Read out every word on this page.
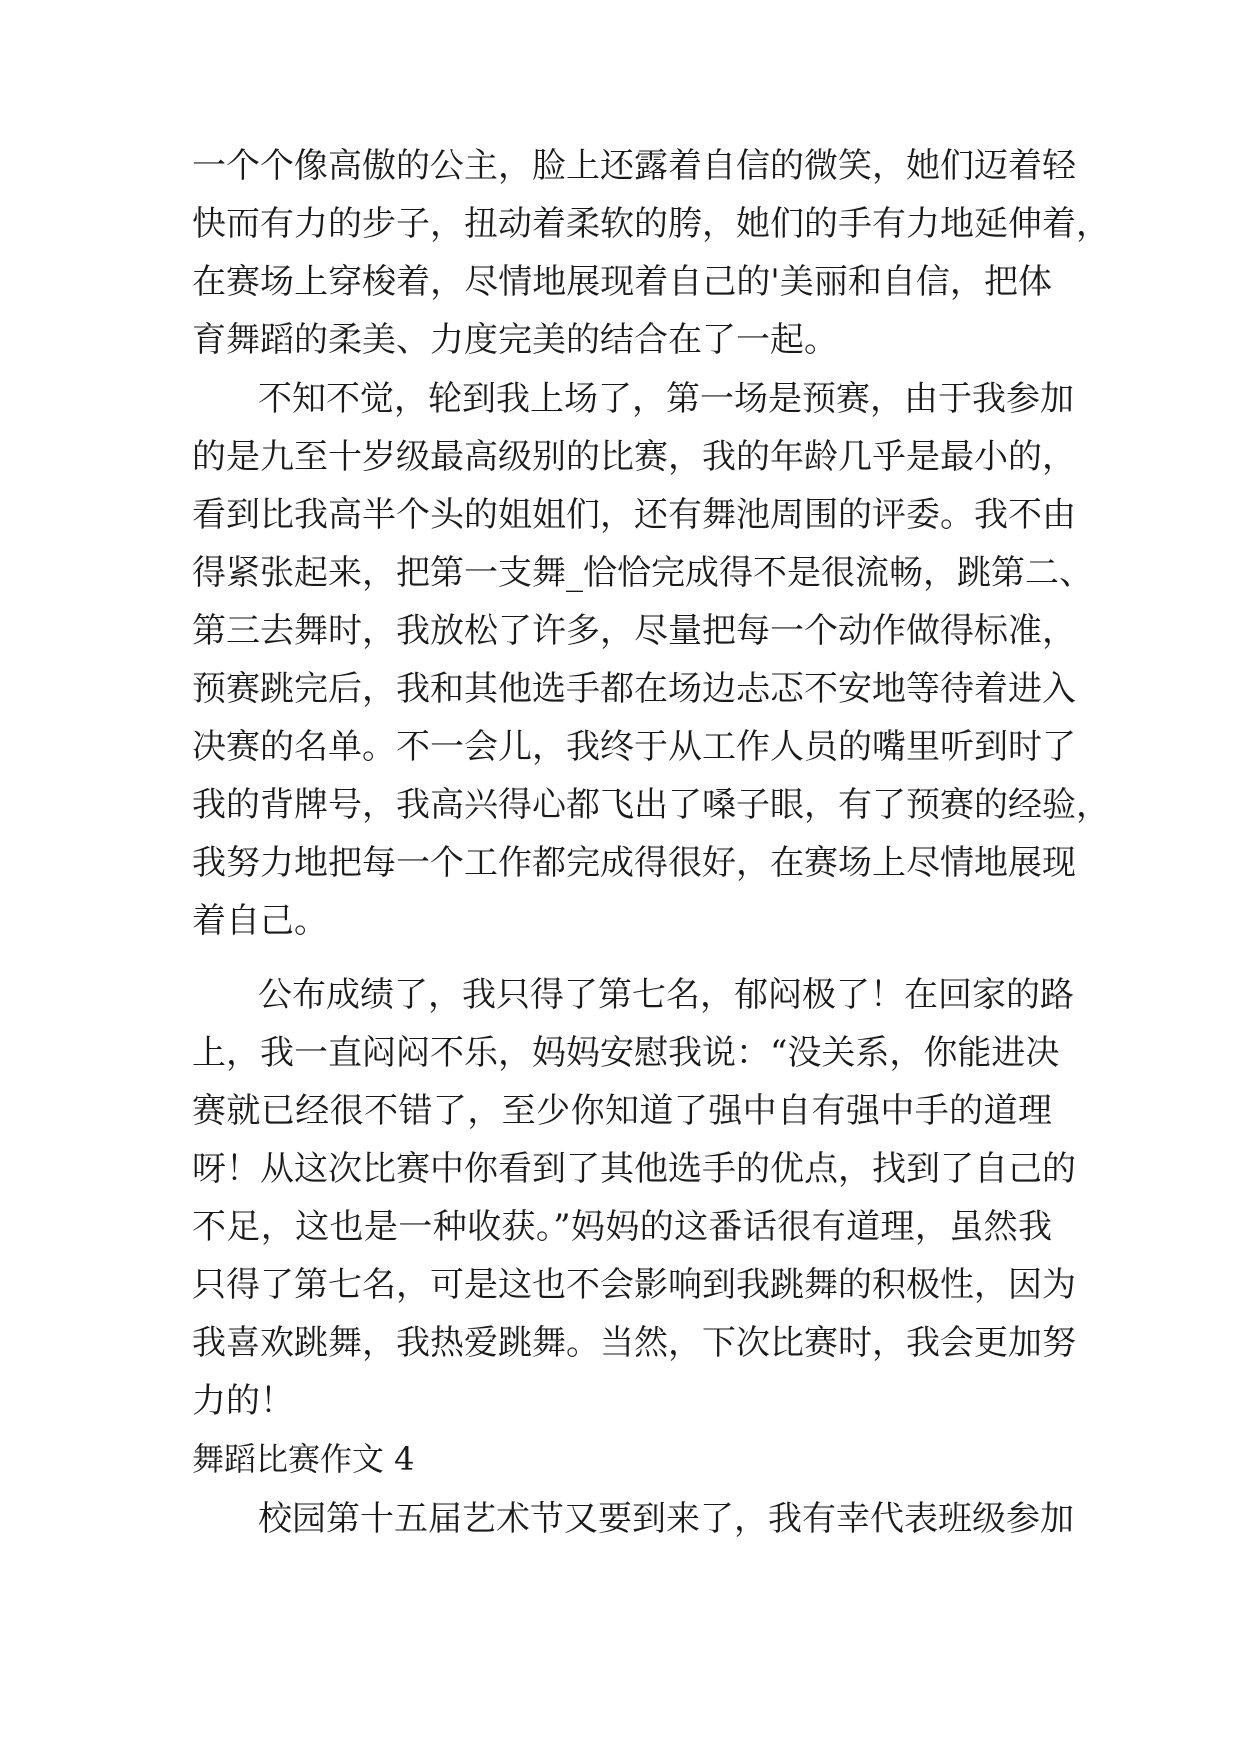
一个个像高傲的公主，脸上还露着自信的微笑，她们迈着轻
快而有力的步子，扭动着柔软的胯，她们的手有力地延伸着，
在赛场上穿梭着，尽情地展现着自己的'美丽和自信，把体
育舞蹈的柔美、力度完美的结合在了一起。
不知不觉，轮到我上场了，第一场是预赛，由于我参加
的是九至十岁级最高级别的比赛，我的年龄几乎是最小的，
看到比我高半个头的姐姐们，还有舞池周围的评委。我不由
得紧张起来，把第一支舞_恰恰完成得不是很流畅，跳第二、
第三去舞时，我放松了许多，尽量把每一个动作做得标准，
预赛跳完后，我和其他选手都在场边忐忑不安地等待着进入
决赛的名单。不一会儿，我终于从工作人员的嘴里听到时了
我的背牌号，我高兴得心都飞出了嗓子眼，有了预赛的经验，
我努力地把每一个工作都完成得很好，在赛场上尽情地展现
着自己。
公布成绩了，我只得了第七名，郁闷极了！在回家的路
上，我一直闷闷不乐，妈妈安慰我说：“没关系，你能进决
赛就已经很不错了，至少你知道了强中自有强中手的道理
呀！从这次比赛中你看到了其他选手的优点，找到了自己的
不足，这也是一种收获。”妈妈的这番话很有道理，虽然我
只得了第七名，可是这也不会影响到我跳舞的积极性，因为
我喜欢跳舞，我热爱跳舞。当然，下次比赛时，我会更加努
力的！
舞蹈比赛作文 4
校园第十五届艺术节又要到来了，我有幸代表班级参加
